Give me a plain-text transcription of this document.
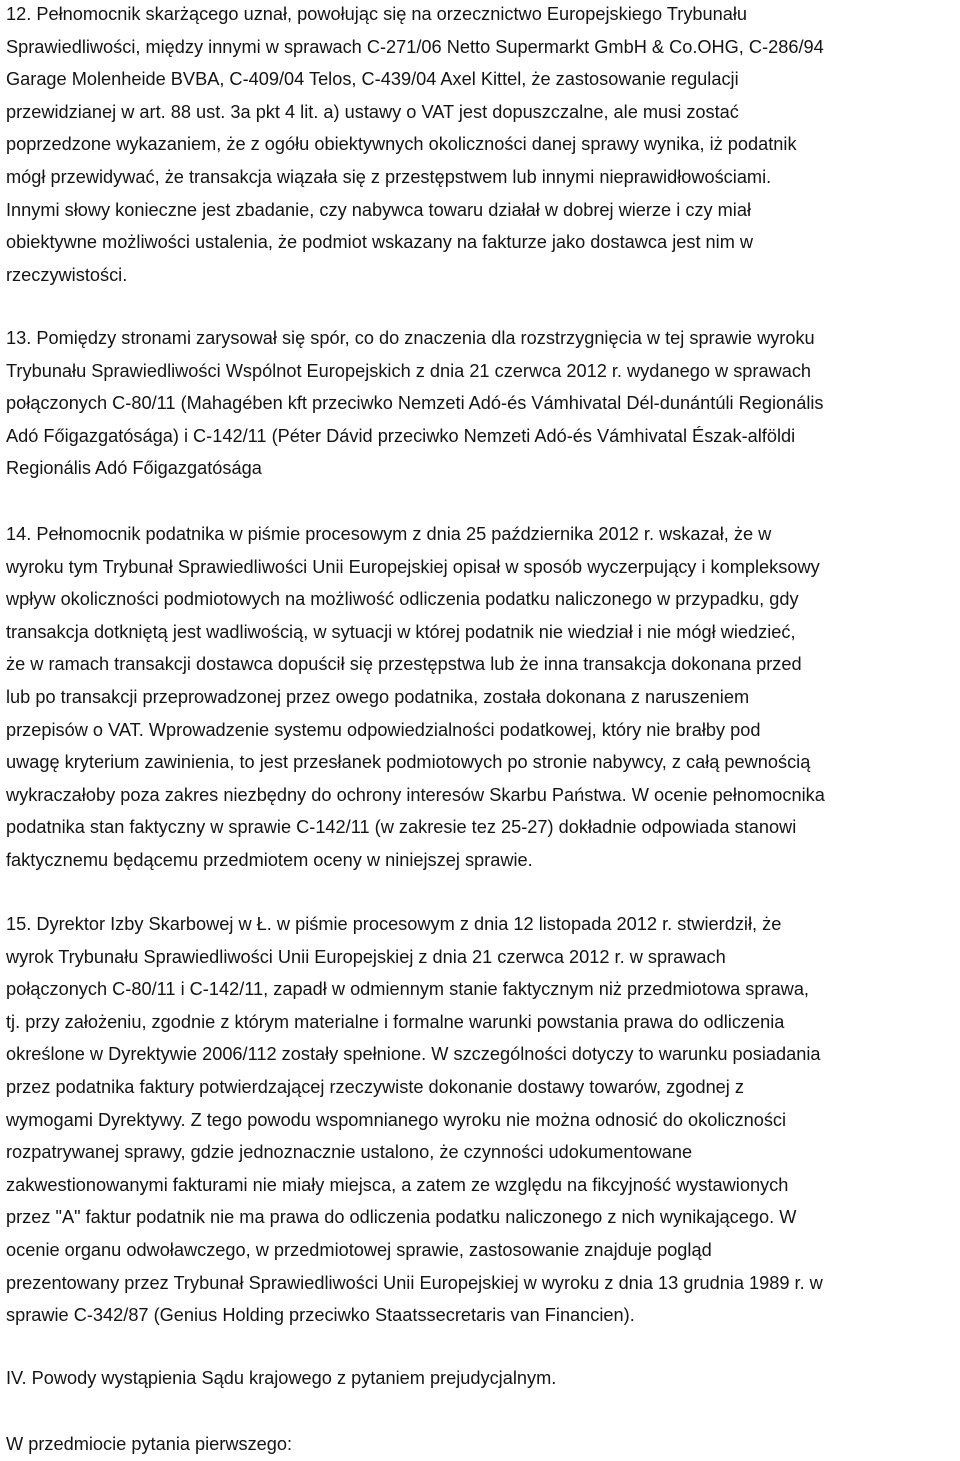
12. Pełnomocnik skarżącego uznał, powołując się na orzecznictwo Europejskiego Trybunału
Sprawiedliwości, między innymi w sprawach C-271/06 Netto Supermarkt GmbH & Co.OHG, C-286/94
Garage Molenheide BVBA, C-409/04 Telos, C-439/04 Axel Kittel, że zastosowanie regulacji
przewidzianej w art. 88 ust. 3a pkt 4 lit. a) ustawy o VAT jest dopuszczalne, ale musi zostać
poprzedzone wykazaniem, że z ogółu obiektywnych okoliczności danej sprawy wynika, iż podatnik
mógł przewidywać, że transakcja wiązała się z przestępstwem lub innymi nieprawidłowościami.
Innymi słowy konieczne jest zbadanie, czy nabywca towaru działał w dobrej wierze i czy miał
obiektywne możliwości ustalenia, że podmiot wskazany na fakturze jako dostawca jest nim w
rzeczywistości.
13. Pomiędzy stronami zarysował się spór, co do znaczenia dla rozstrzygnięcia w tej sprawie wyroku
Trybunału Sprawiedliwości Wspólnot Europejskich z dnia 21 czerwca 2012 r. wydanego w sprawach
połączonych C-80/11 (Mahagében kft przeciwko Nemzeti Adó-és Vámhivatal Dél-dunántúli Regionális
Adó Főigazgatósága) i C-142/11 (Péter Dávid przeciwko Nemzeti Adó-és Vámhivatal Észak-alföldi
Regionális Adó Főigazgatósága
14. Pełnomocnik podatnika w piśmie procesowym z dnia 25 października 2012 r. wskazał, że w
wyroku tym Trybunał Sprawiedliwości Unii Europejskiej opisał w sposób wyczerpujący i kompleksowy
wpływ okoliczności podmiotowych na możliwość odliczenia podatku naliczonego w przypadku, gdy
transakcja dotkniętą jest wadliwością, w sytuacji w której podatnik nie wiedział i nie mógł wiedzieć,
że w ramach transakcji dostawca dopuścił się przestępstwa lub że inna transakcja dokonana przed
lub po transakcji przeprowadzonej przez owego podatnika, została dokonana z naruszeniem
przepisów o VAT. Wprowadzenie systemu odpowiedzialności podatkowej, który nie brałby pod
uwagę kryterium zawinienia, to jest przesłanek podmiotowych po stronie nabywcy, z całą pewnością
wykraczałoby poza zakres niezbędny do ochrony interesów Skarbu Państwa. W ocenie pełnomocnika
podatnika stan faktyczny w sprawie C-142/11 (w zakresie tez 25-27) dokładnie odpowiada stanowi
faktycznemu będącemu przedmiotem oceny w niniejszej sprawie.
15. Dyrektor Izby Skarbowej w Ł. w piśmie procesowym z dnia 12 listopada 2012 r. stwierdził, że
wyrok Trybunału Sprawiedliwości Unii Europejskiej z dnia 21 czerwca 2012 r. w sprawach
połączonych C-80/11 i C-142/11, zapadł w odmiennym stanie faktycznym niż przedmiotowa sprawa,
tj. przy założeniu, zgodnie z którym materialne i formalne warunki powstania prawa do odliczenia
określone w Dyrektywie 2006/112 zostały spełnione. W szczególności dotyczy to warunku posiadania
przez podatnika faktury potwierdzającej rzeczywiste dokonanie dostawy towarów, zgodnej z
wymogami Dyrektywy. Z tego powodu wspomnianego wyroku nie można odnosić do okoliczności
rozpatrywanej sprawy, gdzie jednoznacznie ustalono, że czynności udokumentowane
zakwestionowanymi fakturami nie miały miejsca, a zatem ze względu na fikcyjność wystawionych
przez "A" faktur podatnik nie ma prawa do odliczenia podatku naliczonego z nich wynikającego. W
ocenie organu odwoławczego, w przedmiotowej sprawie, zastosowanie znajduje pogląd
prezentowany przez Trybunał Sprawiedliwości Unii Europejskiej w wyroku z dnia 13 grudnia 1989 r. w
sprawie C-342/87 (Genius Holding przeciwko Staatssecretaris van Financien).
IV. Powody wystąpienia Sądu krajowego z pytaniem prejudycjalnym.
W przedmiocie pytania pierwszego:
